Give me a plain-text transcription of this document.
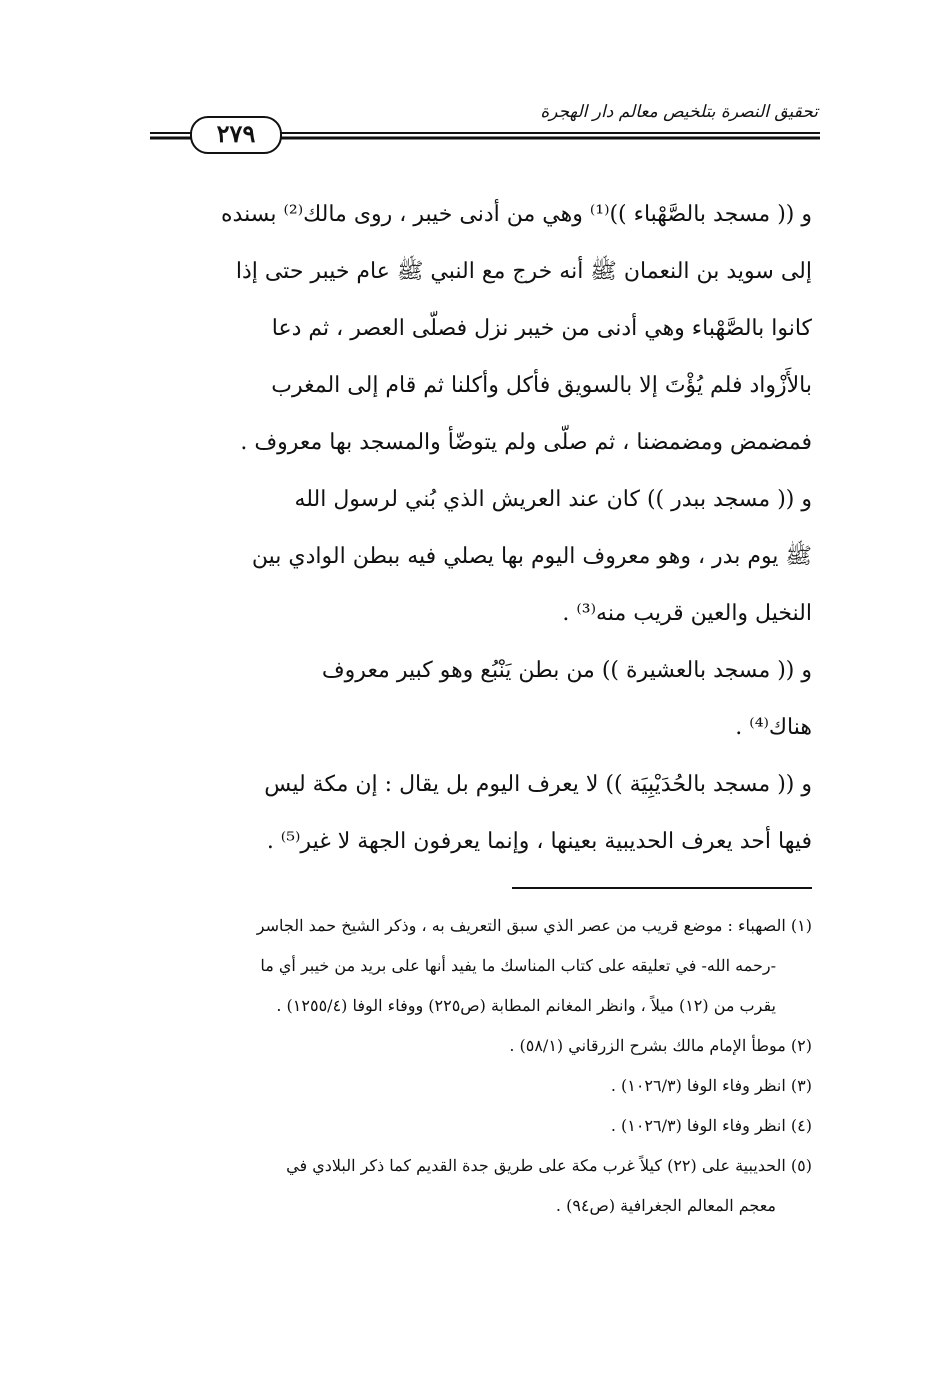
تحقيق النصرة بتلخيص معالم دار الهجرة
٢٧٩
و (( مسجد بالصَّهْباء ))⁽¹⁾ وهي من أدنى خيبر ، روى مالك⁽²⁾ بسنده
إلى سويد بن النعمان ﷺ أنه خرج مع النبي ﷺ عام خيبر حتى إذا
كانوا بالصَّهْباء وهي أدنى من خيبر نزل فصلّى العصر ، ثم دعا
بالأَزْواد فلم يُؤْتَ إلا بالسويق فأكل وأكلنا ثم قام إلى المغرب
فمضمض ومضمضنا ، ثم صلّى ولم يتوضّأ والمسجد بها معروف .
و (( مسجد ببدر )) كان عند العريش الذي بُني لرسول الله
ﷺ يوم بدر ، وهو معروف اليوم بها يصلي فيه ببطن الوادي بين
النخيل والعين قريب منه⁽³⁾ .
و (( مسجد بالعشيرة )) من بطن يَنْبُع وهو كبير معروف
هناك⁽⁴⁾ .
و (( مسجد بالحُدَيْبِيَة )) لا يعرف اليوم بل يقال : إن مكة ليس
فيها أحد يعرف الحديبية بعينها ، وإنما يعرفون الجهة لا غير⁽⁵⁾ .
(١) الصهباء : موضع قريب من عصر الذي سبق التعريف به ، وذكر الشيخ حمد الجاسر
-رحمه الله- في تعليقه على كتاب المناسك ما يفيد أنها على بريد من خيبر أي ما
يقرب من (١٢) ميلاً ، وانظر المغانم المطابة (ص٢٢٥) ووفاء الوفا (١٢٥٥/٤) .
(٢) موطأ الإمام مالك بشرح الزرقاني (٥٨/١) .
(٣) انظر وفاء الوفا (١٠٢٦/٣) .
(٤) انظر وفاء الوفا (١٠٢٦/٣) .
(٥) الحديبية على (٢٢) كيلاً غرب مكة على طريق جدة القديم كما ذكر البلادي في
معجم المعالم الجغرافية (ص٩٤) .
